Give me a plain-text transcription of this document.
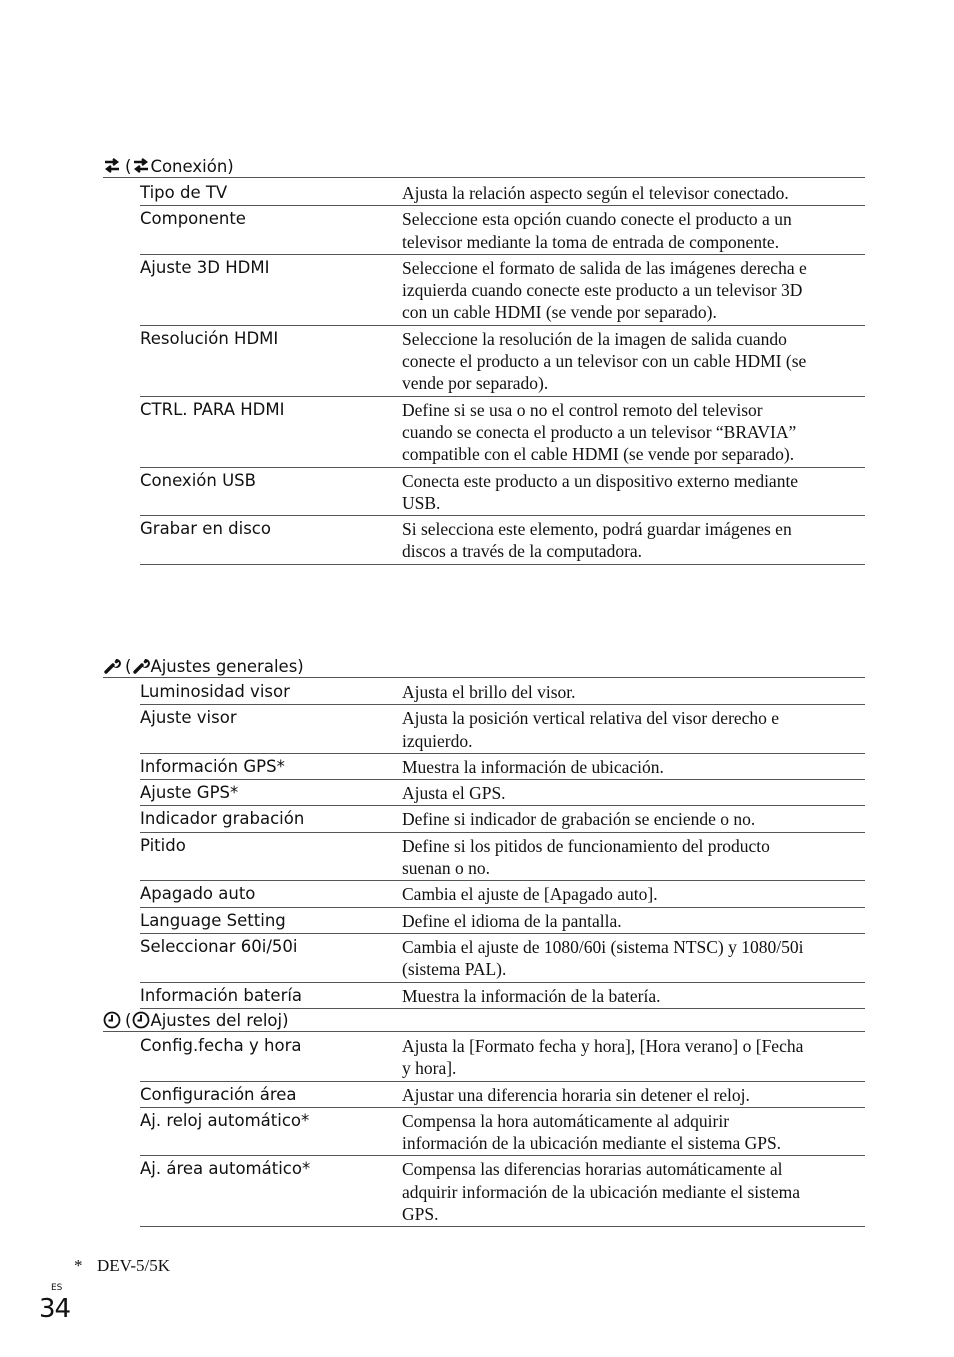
( Conexión)
Tipo de TV	Ajusta la relación aspecto según el televisor conectado.
Componente	Seleccione esta opción cuando conecte el producto a un televisor mediante la toma de entrada de componente.
Ajuste 3D HDMI	Seleccione el formato de salida de las imágenes derecha e izquierda cuando conecte este producto a un televisor 3D con un cable HDMI (se vende por separado).
Resolución HDMI	Seleccione la resolución de la imagen de salida cuando conecte el producto a un televisor con un cable HDMI (se vende por separado).
CTRL. PARA HDMI	Define si se usa o no el control remoto del televisor cuando se conecta el producto a un televisor “BRAVIA” compatible con el cable HDMI (se vende por separado).
Conexión USB	Conecta este producto a un dispositivo externo mediante USB.
Grabar en disco	Si selecciona este elemento, podrá guardar imágenes en discos a través de la computadora.
( Ajustes generales)
Luminosidad visor	Ajusta el brillo del visor.
Ajuste visor	Ajusta la posición vertical relativa del visor derecho e izquierdo.
Información GPS*	Muestra la información de ubicación.
Ajuste GPS*	Ajusta el GPS.
Indicador grabación	Define si indicador de grabación se enciende o no.
Pitido	Define si los pitidos de funcionamiento del producto suenan o no.
Apagado auto	Cambia el ajuste de [Apagado auto].
Language Setting	Define el idioma de la pantalla.
Seleccionar 60i/50i	Cambia el ajuste de 1080/60i (sistema NTSC) y 1080/50i (sistema PAL).
Información batería	Muestra la información de la batería.
( Ajustes del reloj)
Config.fecha y hora	Ajusta la [Formato fecha y hora], [Hora verano] o [Fecha y hora].
Configuración área	Ajustar una diferencia horaria sin detener el reloj.
Aj. reloj automático*	Compensa la hora automáticamente al adquirir información de la ubicación mediante el sistema GPS.
Aj. área automático*	Compensa las diferencias horarias automáticamente al adquirir información de la ubicación mediante el sistema GPS.
* DEV-5/5K
ES
34
